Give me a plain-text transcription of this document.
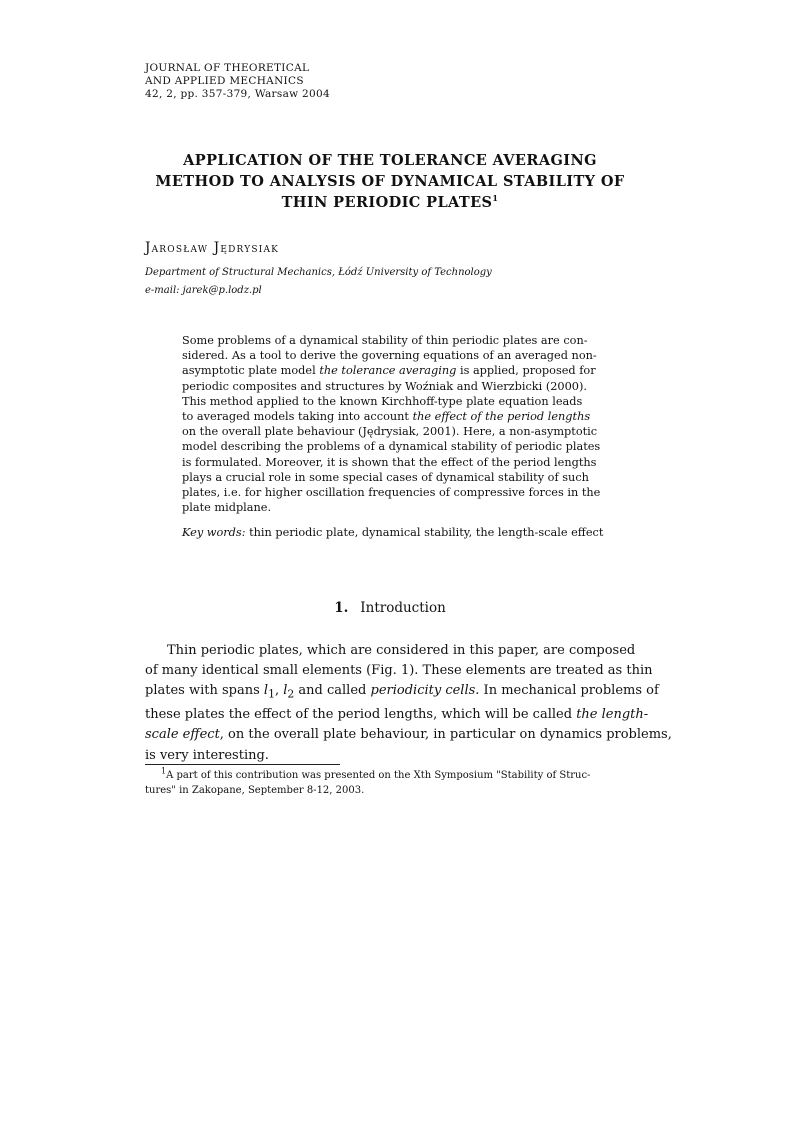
JOURNAL OF THEORETICAL
AND APPLIED MECHANICS
42, 2, pp. 357-379, Warsaw 2004
APPLICATION OF THE TOLERANCE AVERAGING
METHOD TO ANALYSIS OF DYNAMICAL STABILITY OF
THIN PERIODIC PLATES$^1$
Jarosław Jędrysiak
Department of Structural Mechanics, Łódź University of Technology
e-mail: jarek@p.lodz.pl
Some problems of a dynamical stability of thin periodic plates are con-
sidered. As a tool to derive the governing equations of an averaged non-
asymptotic plate model the tolerance averaging is applied, proposed for
periodic composites and structures by Woźniak and Wierzbicki (2000).
This method applied to the known Kirchhoff-type plate equation leads
to averaged models taking into account the effect of the period lengths
on the overall plate behaviour (Jędrysiak, 2001). Here, a non-asymptotic
model describing the problems of a dynamical stability of periodic plates
is formulated. Moreover, it is shown that the effect of the period lengths
plays a crucial role in some special cases of dynamical stability of such
plates, i.e. for higher oscillation frequencies of compressive forces in the
plate midplane.
Key words: thin periodic plate, dynamical stability, the length-scale effect
1. Introduction
Thin periodic plates, which are considered in this paper, are composed
of many identical small elements (Fig. 1). These elements are treated as thin
plates with spans $l_1$, $l_2$ and called periodicity cells. In mechanical problems of
these plates the effect of the period lengths, which will be called the length-
scale effect, on the overall plate behaviour, in particular on dynamics problems,
is very interesting.
$^1$A part of this contribution was presented on the Xth Symposium "Stability of Struc-
tures" in Zakopane, September 8-12, 2003.
